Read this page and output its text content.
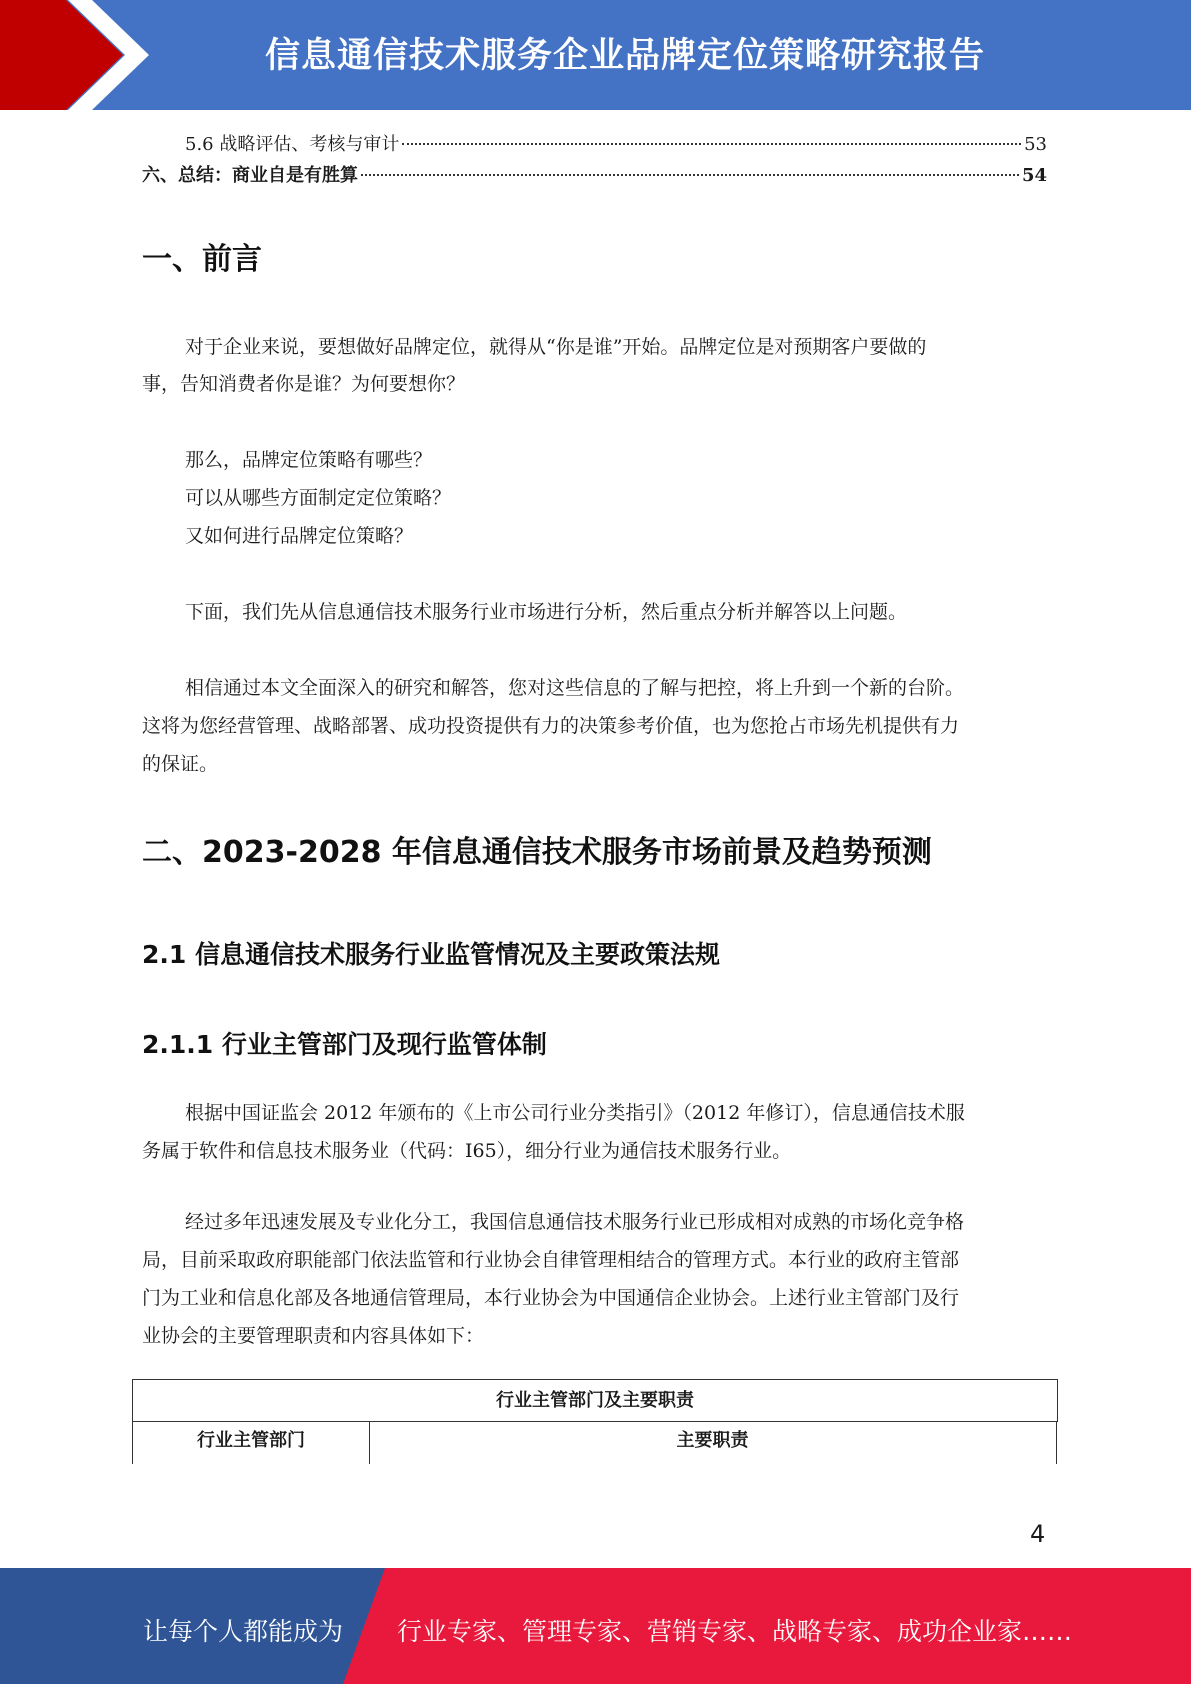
信息通信技术服务企业品牌定位策略研究报告
5.6 战略评估、考核与审计	53
六、总结：商业自是有胜算	54
一、前言
对于企业来说，要想做好品牌定位，就得从“你是谁”开始。品牌定位是对预期客户要做的
事，告知消费者你是谁？为何要想你？
那么，品牌定位策略有哪些？
可以从哪些方面制定定位策略？
又如何进行品牌定位策略？
下面，我们先从信息通信技术服务行业市场进行分析，然后重点分析并解答以上问题。
相信通过本文全面深入的研究和解答，您对这些信息的了解与把控，将上升到一个新的台阶。
这将为您经营管理、战略部署、成功投资提供有力的决策参考价值，也为您抢占市场先机提供有力
的保证。
二、2023-2028 年信息通信技术服务市场前景及趋势预测
2.1 信息通信技术服务行业监管情况及主要政策法规
2.1.1 行业主管部门及现行监管体制
根据中国证监会 2012 年颁布的《上市公司行业分类指引》（2012 年修订），信息通信技术服
务属于软件和信息技术服务业（代码：I65），细分行业为通信技术服务行业。
经过多年迅速发展及专业化分工，我国信息通信技术服务行业已形成相对成熟的市场化竞争格
局，目前采取政府职能部门依法监管和行业协会自律管理相结合的管理方式。本行业的政府主管部
门为工业和信息化部及各地通信管理局，本行业协会为中国通信企业协会。上述行业主管部门及行
业协会的主要管理职责和内容具体如下：
行业主管部门及主要职责
行业主管部门	主要职责
4
让每个人都能成为 行业专家、管理专家、营销专家、战略专家、成功企业家……
